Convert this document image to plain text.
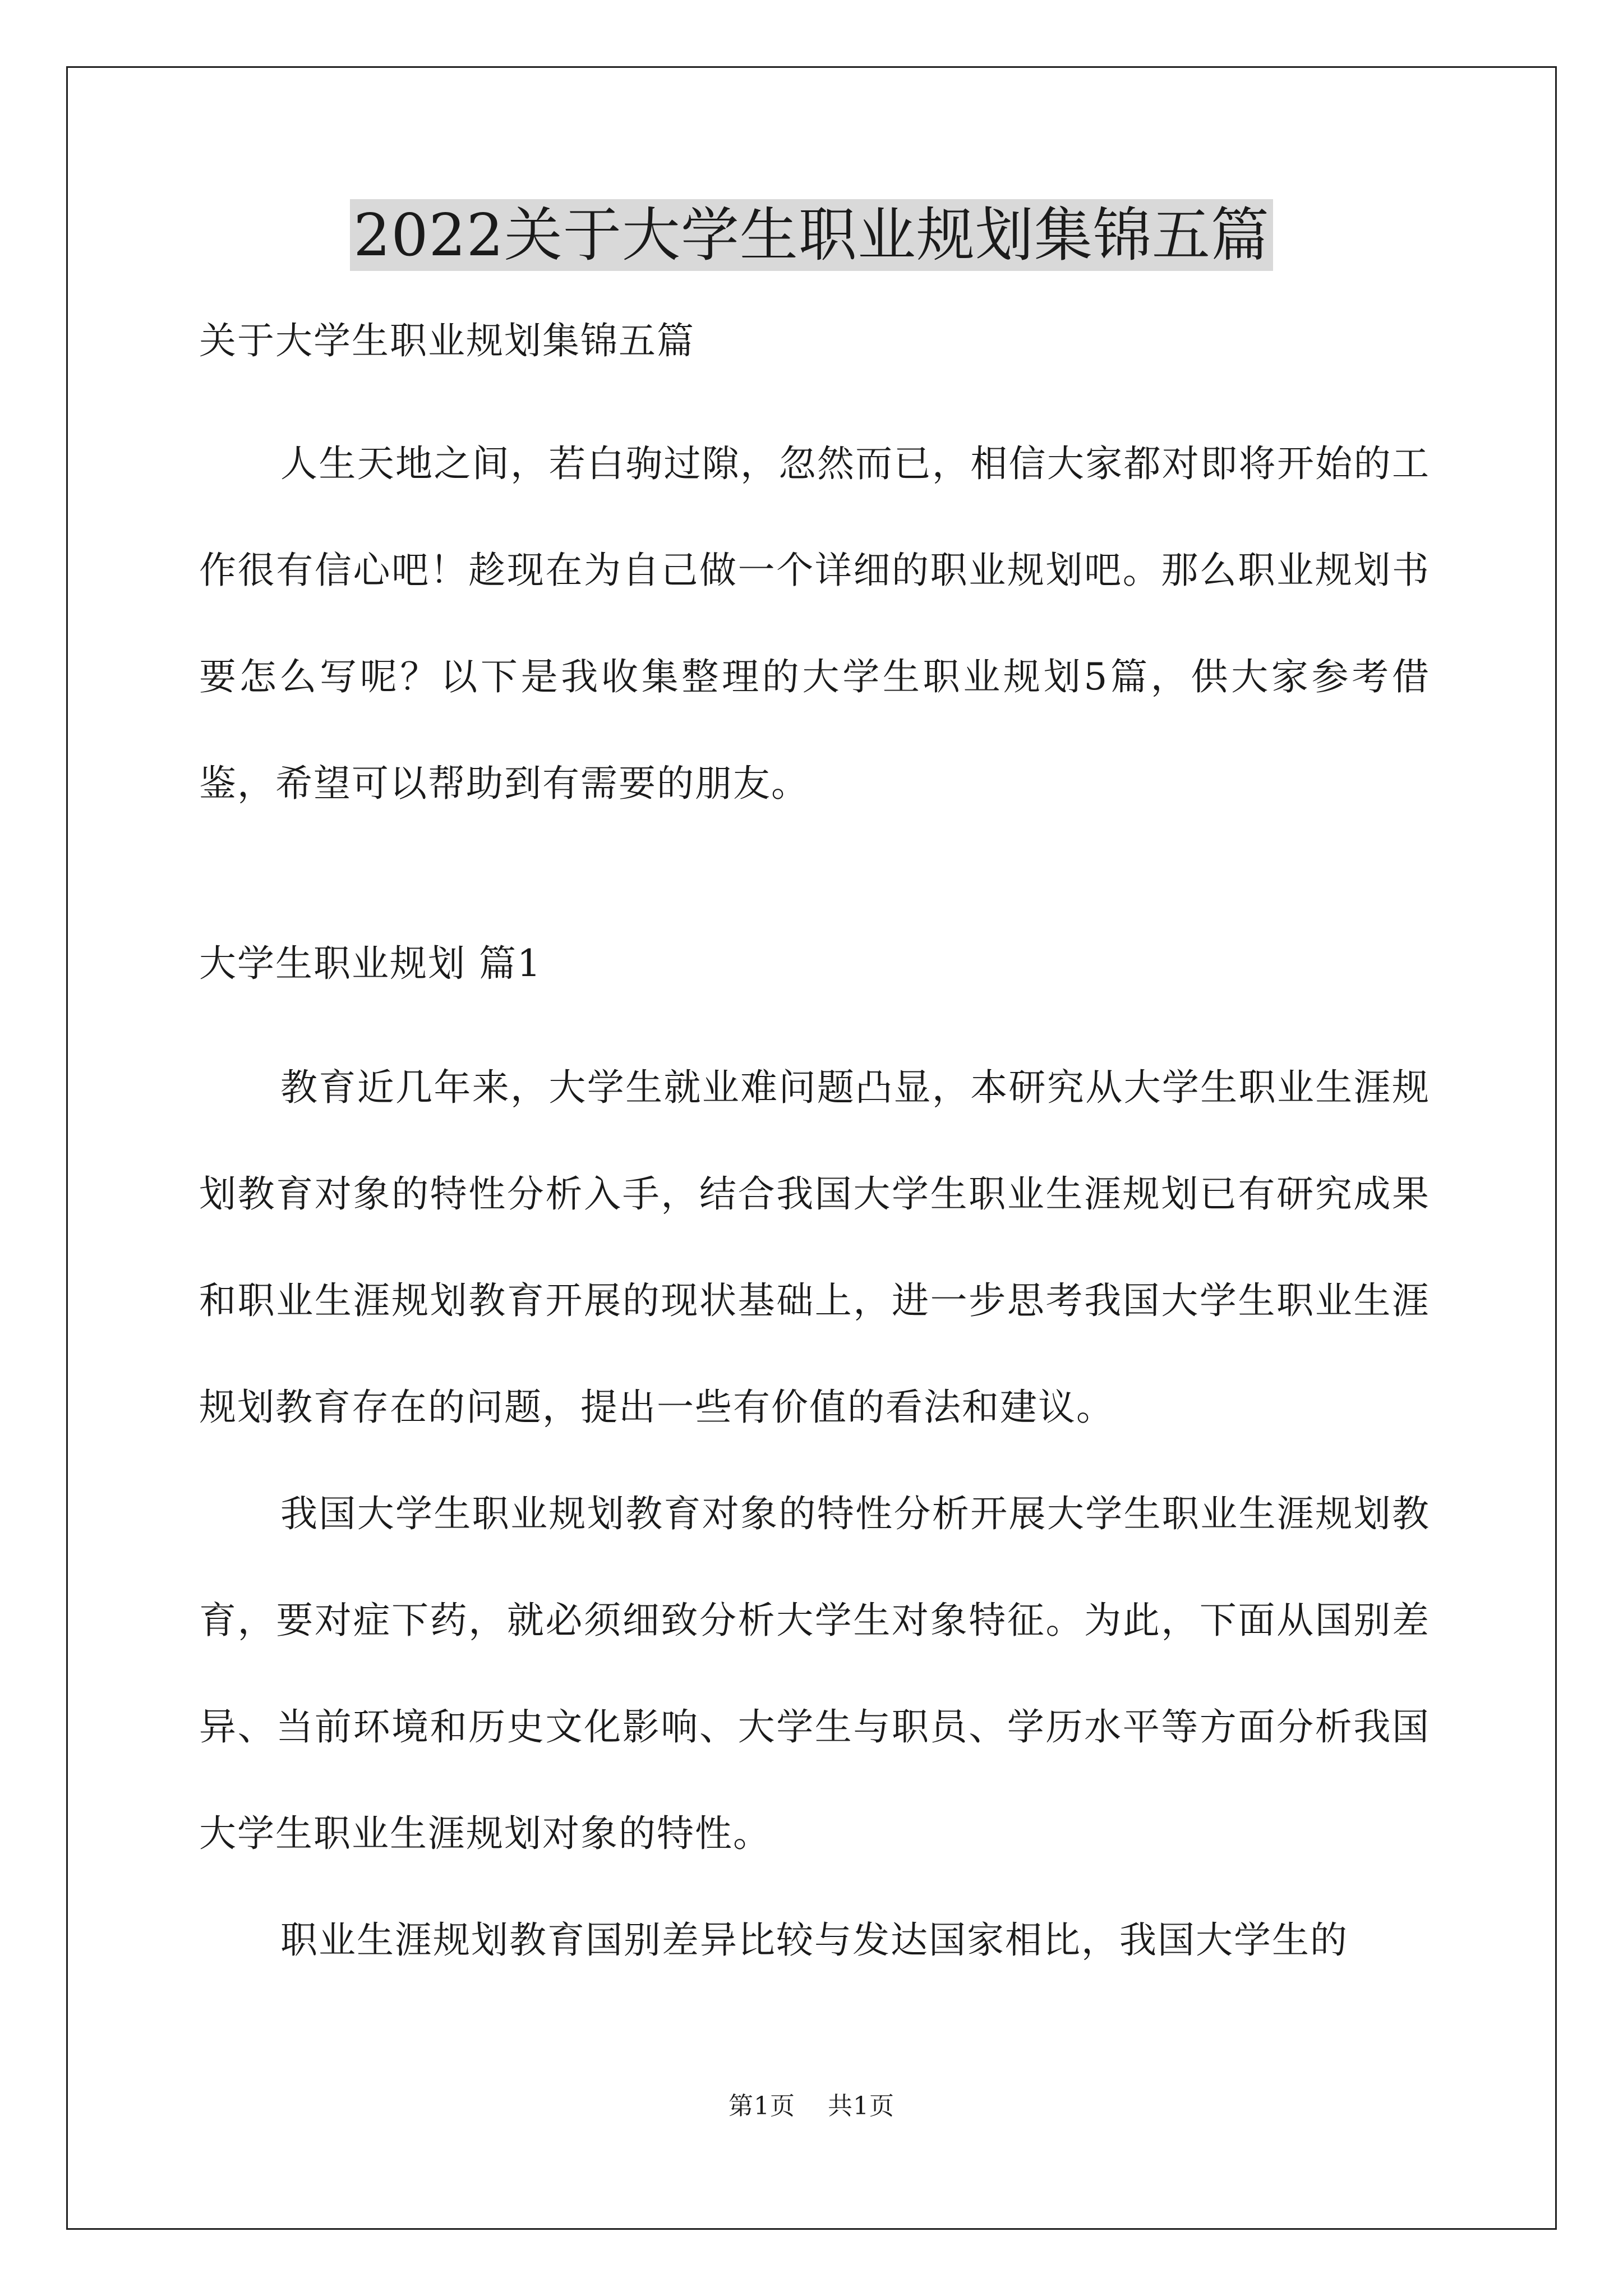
2022关于大学生职业规划集锦五篇

关于大学生职业规划集锦五篇

人生天地之间，若白驹过隙，忽然而已，相信大家都对即将开始的工作很有信心吧！趁现在为自己做一个详细的职业规划吧。那么职业规划书要怎么写呢？以下是我收集整理的大学生职业规划5篇，供大家参考借鉴，希望可以帮助到有需要的朋友。

大学生职业规划 篇1

教育近几年来，大学生就业难问题凸显，本研究从大学生职业生涯规划教育对象的特性分析入手，结合我国大学生职业生涯规划已有研究成果和职业生涯规划教育开展的现状基础上，进一步思考我国大学生职业生涯规划教育存在的问题，提出一些有价值的看法和建议。

我国大学生职业规划教育对象的特性分析开展大学生职业生涯规划教育，要对症下药，就必须细致分析大学生对象特征。为此，下面从国别差异、当前环境和历史文化影响、大学生与职员、学历水平等方面分析我国大学生职业生涯规划对象的特性。

职业生涯规划教育国别差异比较与发达国家相比，我国大学生的

第1页 共1页
